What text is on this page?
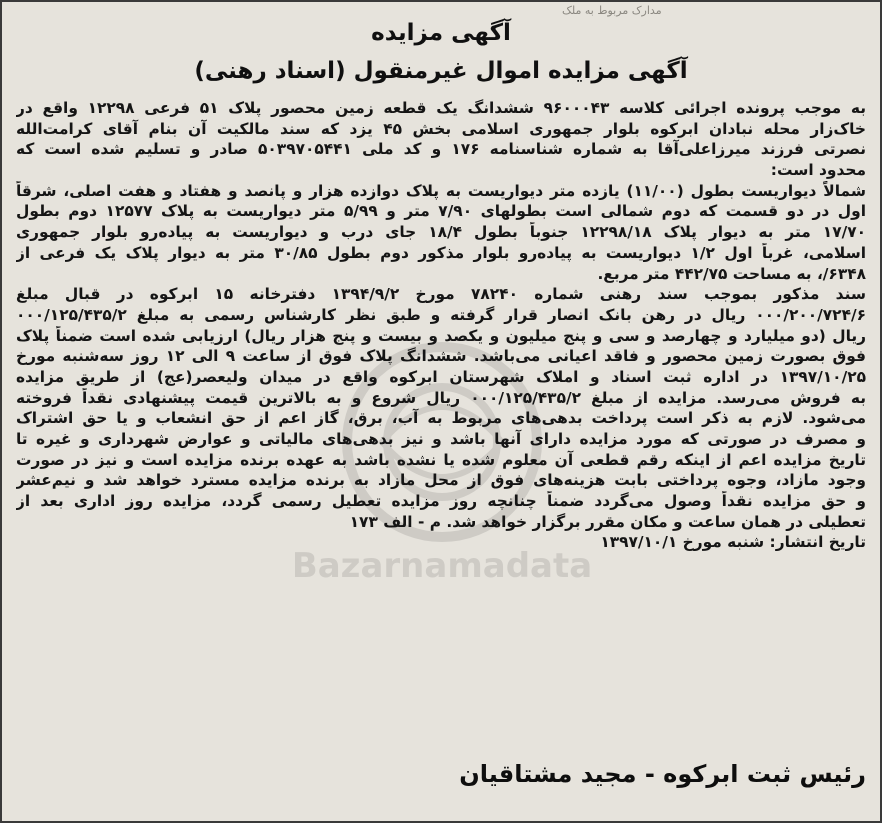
مدارک مربوط به ملک
Bazarnamadata
آگهی مزایده
آگهی مزایده اموال غیرمنقول (اسناد رهنی)
به موجب پرونده اجرائی کلاسه ۹۶۰۰۰۴۳ ششدانگ یک قطعه زمین محصور پلاک ۵۱ فرعی ۱۲۲۹۸ واقع در
خاک‌زار محله نبادان ابرکوه بلوار جمهوری اسلامی بخش ۴۵ یزد که سند مالکیت آن بنام آقای کرامت‌الله
نصرتی فرزند میرزاعلی‌آقا به شماره شناسنامه ۱۷۶ و کد ملی ۵۰۳۹۷۰۵۴۴۱ صادر و تسلیم شده است که
محدود است:
شمالاً دیواریست بطول (۱۱/۰۰) یازده متر دیواریست به پلاک دوازده هزار و پانصد و هفتاد و هفت اصلی، شرقاً
اول در دو قسمت که دوم شمالی است بطولهای ۷/۹۰ متر و ۵/۹۹ متر دیواریست به پلاک ۱۲۵۷۷ دوم بطول
۱۷/۷۰ متر به دیوار پلاک ۱۲۲۹۸/۱۸ جنوباً بطول ۱۸/۴ جای درب و دیواریست به پیاده‌رو بلوار جمهوری
اسلامی، غرباً اول ۱/۲ دیواریست به پیاده‌رو بلوار مذکور دوم بطول ۳۰/۸۵ متر به دیوار پلاک یک فرعی از
۶۳۴۸/، به مساحت ۴۴۲/۷۵ متر مربع.
سند مذکور بموجب سند رهنی شماره ۷۸۲۴۰ مورخ ۱۳۹۴/۹/۲ دفترخانه ۱۵ ابرکوه در قبال مبلغ
۰۰۰/۲۰۰/۷۲۴/۶ ریال در رهن بانک انصار قرار گرفته و طبق نظر کارشناس رسمی به مبلغ ۰۰۰/۱۲۵/۴۳۵/۲
ریال (دو میلیارد و چهارصد و سی و پنج میلیون و یکصد و بیست و پنج هزار ریال) ارزیابی شده است ضمناً پلاک
فوق بصورت زمین محصور و فاقد اعیانی می‌باشد. ششدانگ پلاک فوق از ساعت ۹ الی ۱۲ روز سه‌شنبه مورخ
۱۳۹۷/۱۰/۲۵ در اداره ثبت اسناد و املاک شهرستان ابرکوه واقع در میدان ولیعصر(عج) از طریق مزایده
به فروش می‌رسد. مزایده از مبلغ ۰۰۰/۱۲۵/۴۳۵/۲ ریال شروع و به بالاترین قیمت پیشنهادی نقداً فروخته
می‌شود. لازم به ذکر است پرداخت بدهی‌های مربوط به آب، برق، گاز اعم از حق انشعاب و یا حق اشتراک
و مصرف در صورتی که مورد مزایده دارای آنها باشد و نیز بدهی‌های مالیاتی و عوارض شهرداری و غیره تا
تاریخ مزایده اعم از اینکه رقم قطعی آن معلوم شده یا نشده باشد به عهده برنده مزایده است و نیز در صورت
وجود مازاد، وجوه پرداختی بابت هزینه‌های فوق از محل مازاد به برنده مزایده مسترد خواهد شد و نیم‌عشر
و حق مزایده نقداً وصول می‌گردد ضمناً چنانچه روز مزایده تعطیل رسمی گردد، مزایده روز اداری بعد از
تعطیلی در همان ساعت و مکان مقرر برگزار خواهد شد. م - الف ۱۷۳
تاریخ انتشار: شنبه مورخ ۱۳۹۷/۱۰/۱
رئیس ثبت ابرکوه - مجید مشتاقیان
